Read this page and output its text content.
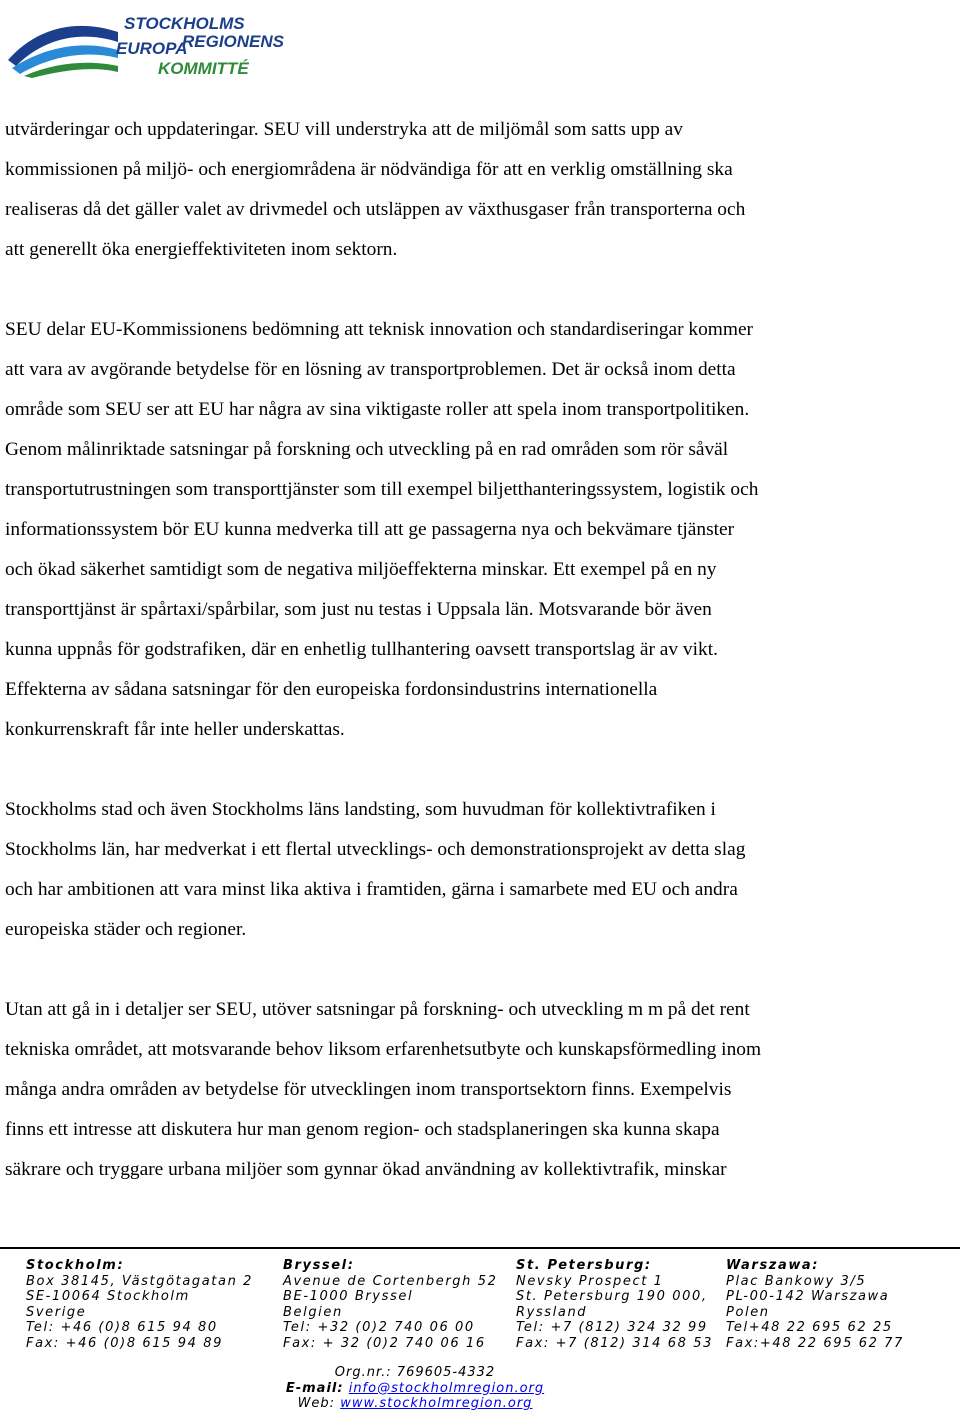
STOCKHOLMS
EUROPA
REGIONENS
KOMMITTÉ
utvärderingar och uppdateringar. SEU vill understryka att de miljömål som satts upp av
kommissionen på miljö- och energiområdena är nödvändiga för att en verklig omställning ska
realiseras då det gäller valet av drivmedel och utsläppen av växthusgaser från transporterna och
att generellt öka energieffektiviteten inom sektorn.
SEU delar EU-Kommissionens bedömning att teknisk innovation och standardiseringar kommer
att vara av avgörande betydelse för en lösning av transportproblemen. Det är också inom detta
område som SEU ser att EU har några av sina viktigaste roller att spela inom transportpolitiken.
Genom målinriktade satsningar på forskning och utveckling på en rad områden som rör såväl
transportutrustningen som transporttjänster som till exempel biljetthanteringssystem, logistik och
informationssystem bör EU kunna medverka till att ge passagerna nya och bekvämare tjänster
och ökad säkerhet samtidigt som de negativa miljöeffekterna minskar. Ett exempel på en ny
transporttjänst är spårtaxi/spårbilar, som just nu testas i Uppsala län. Motsvarande bör även
kunna uppnås för godstrafiken, där en enhetlig tullhantering oavsett transportslag är av vikt.
Effekterna av sådana satsningar för den europeiska fordonsindustrins internationella
konkurrenskraft får inte heller underskattas.
Stockholms stad och även Stockholms läns landsting, som huvudman för kollektivtrafiken i
Stockholms län, har medverkat i ett flertal utvecklings- och demonstrationsprojekt av detta slag
och har ambitionen att vara minst lika aktiva i framtiden, gärna i samarbete med EU och andra
europeiska städer och regioner.
Utan att gå in i detaljer ser SEU, utöver satsningar på forskning- och utveckling m m på det rent
tekniska området, att motsvarande behov liksom erfarenhetsutbyte och kunskapsförmedling inom
många andra områden av betydelse för utvecklingen inom transportsektorn finns. Exempelvis
finns ett intresse att diskutera hur man genom region- och stadsplaneringen ska kunna skapa
säkrare och tryggare urbana miljöer som gynnar ökad användning av kollektivtrafik, minskar
Stockholm:
Box 38145, Västgötagatan 2
SE-10064 Stockholm
Sverige
Tel: +46 (0)8 615 94 80
Fax: +46 (0)8 615 94 89
Bryssel:
Avenue de Cortenbergh 52
BE-1000 Bryssel
Belgien
Tel: +32 (0)2 740 06 00
Fax: + 32 (0)2 740 06 16
St. Petersburg:
Nevsky Prospect 1
St. Petersburg 190 000,
Ryssland
Tel: +7 (812) 324 32 99
Fax: +7 (812) 314 68 53
Warszawa:
Plac Bankowy 3/5
PL-00-142 Warszawa
Polen
Tel+48 22 695 62 25
Fax:+48 22 695 62 77
Org.nr.: 769605-4332
E-mail: info@stockholmregion.org
Web: www.stockholmregion.org
